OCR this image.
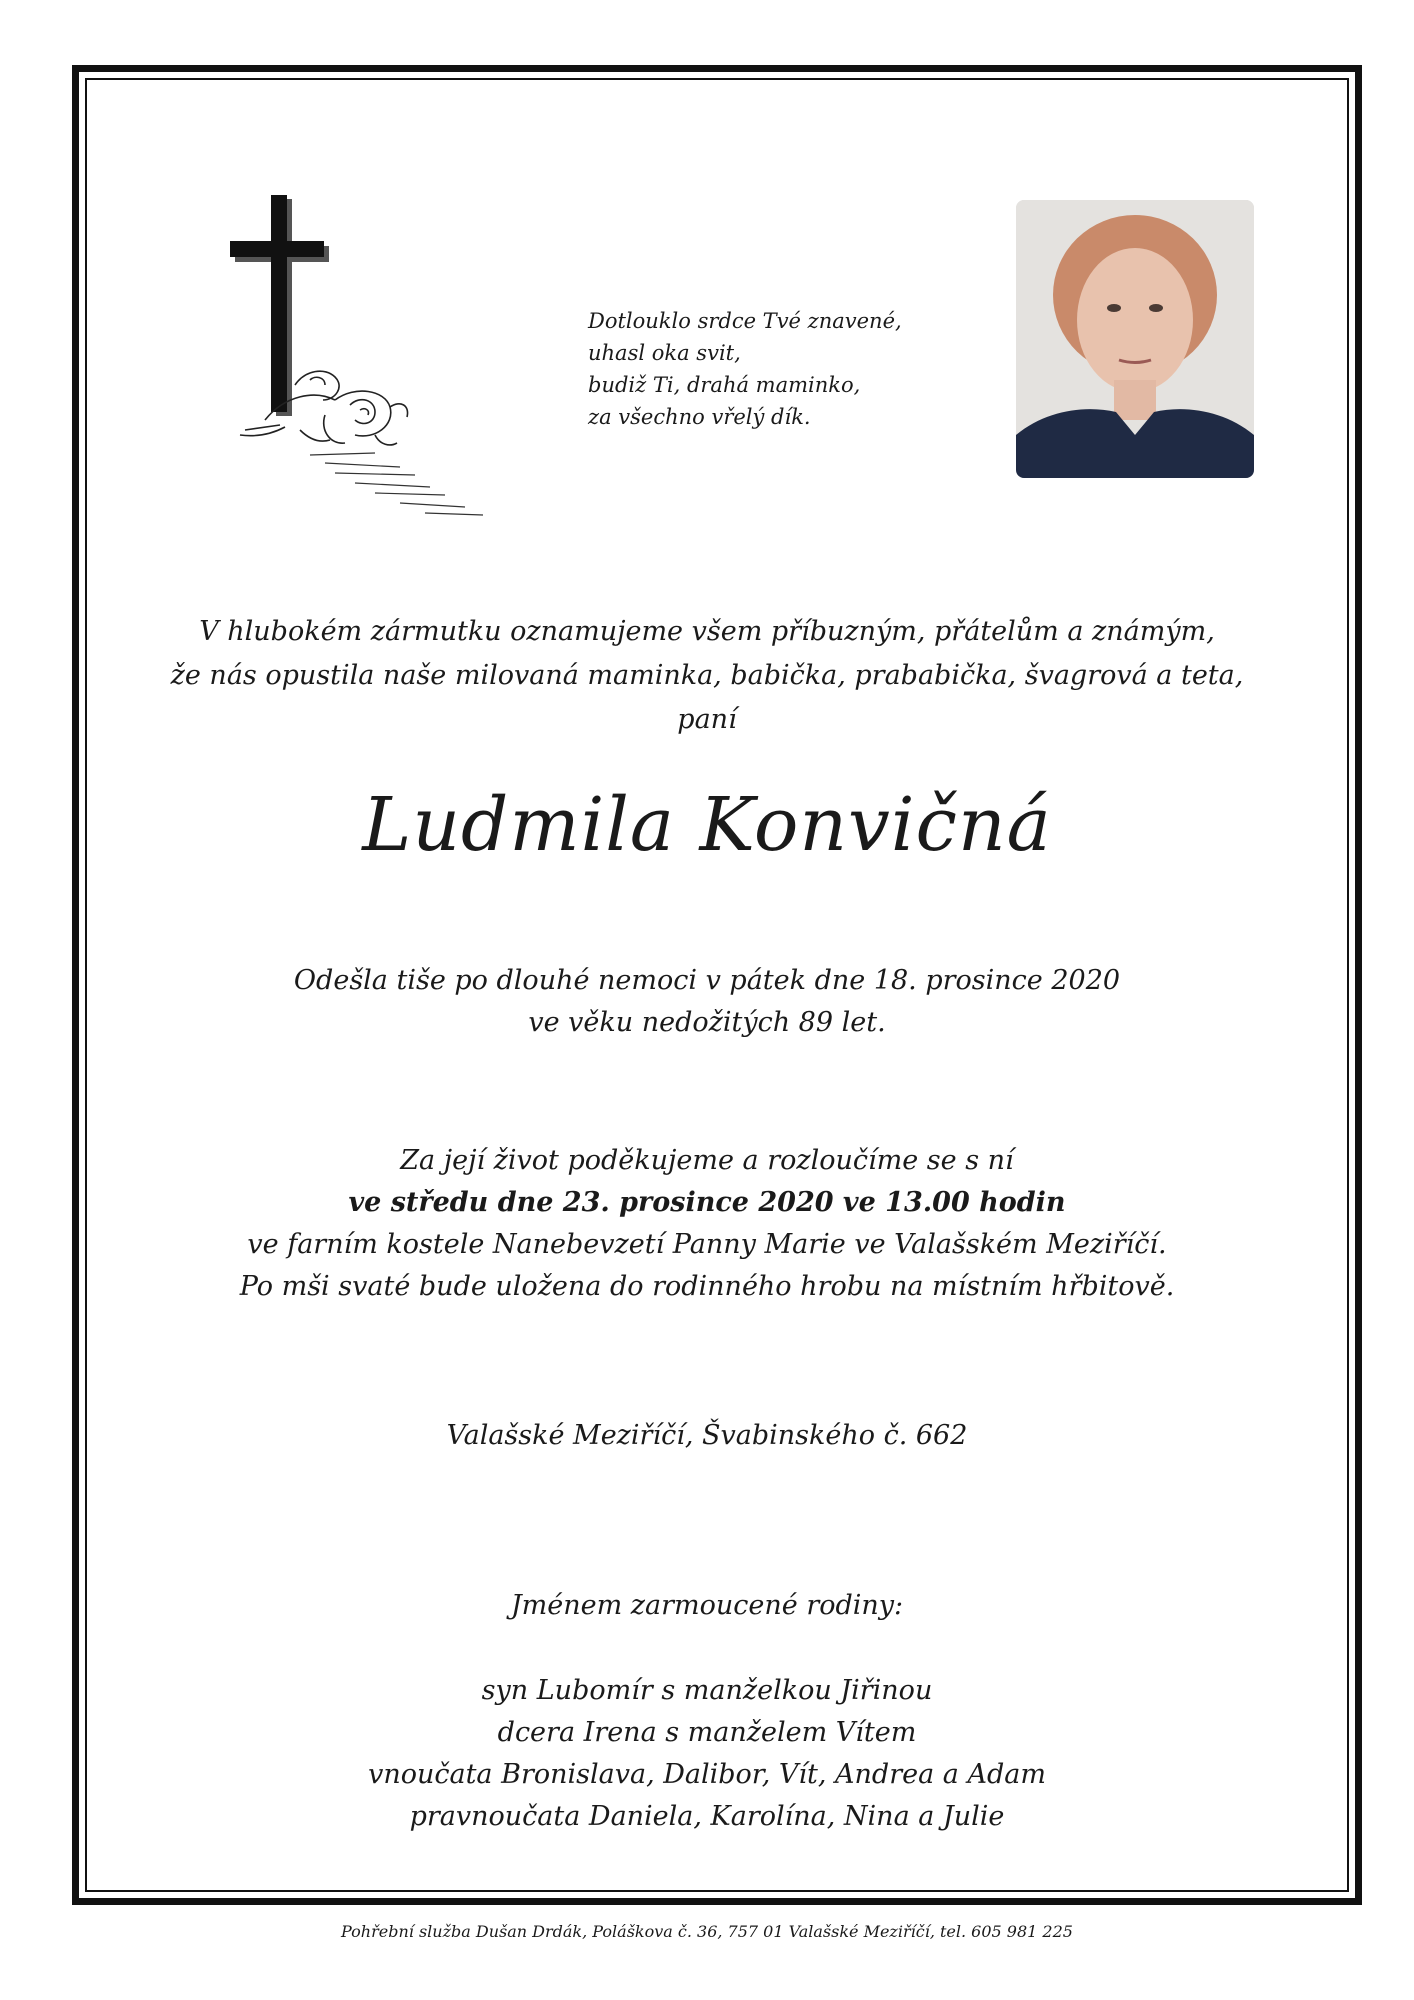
Dotlouklo srdce Tvé znavené,
uhasl oka svit,
budiž Ti, drahá maminko,
za všechno vřelý dík.
V hlubokém zármutku oznamujeme všem příbuzným, přátelům a známým,
že nás opustila naše milovaná maminka, babička, prababička, švagrová a teta,
paní
Ludmila Konvičná
Odešla tiše po dlouhé nemoci v pátek dne 18. prosince 2020
ve věku nedožitých 89 let.
Za její život poděkujeme a rozloučíme se s ní
ve středu dne 23. prosince 2020 ve 13.00 hodin
ve farním kostele Nanebevzetí Panny Marie ve Valašském Meziříčí.
Po mši svaté bude uložena do rodinného hrobu na místním hřbitově.
Valašské Meziříčí, Švabinského č. 662
Jménem zarmoucené rodiny:
syn Lubomír s manželkou Jiřinou
dcera Irena s manželem Vítem
vnoučata Bronislava, Dalibor, Vít, Andrea a Adam
pravnoučata Daniela, Karolína, Nina a Julie
Pohřební služba Dušan Drdák, Poláškova č. 36, 757 01 Valašské Meziříčí, tel. 605 981 225
